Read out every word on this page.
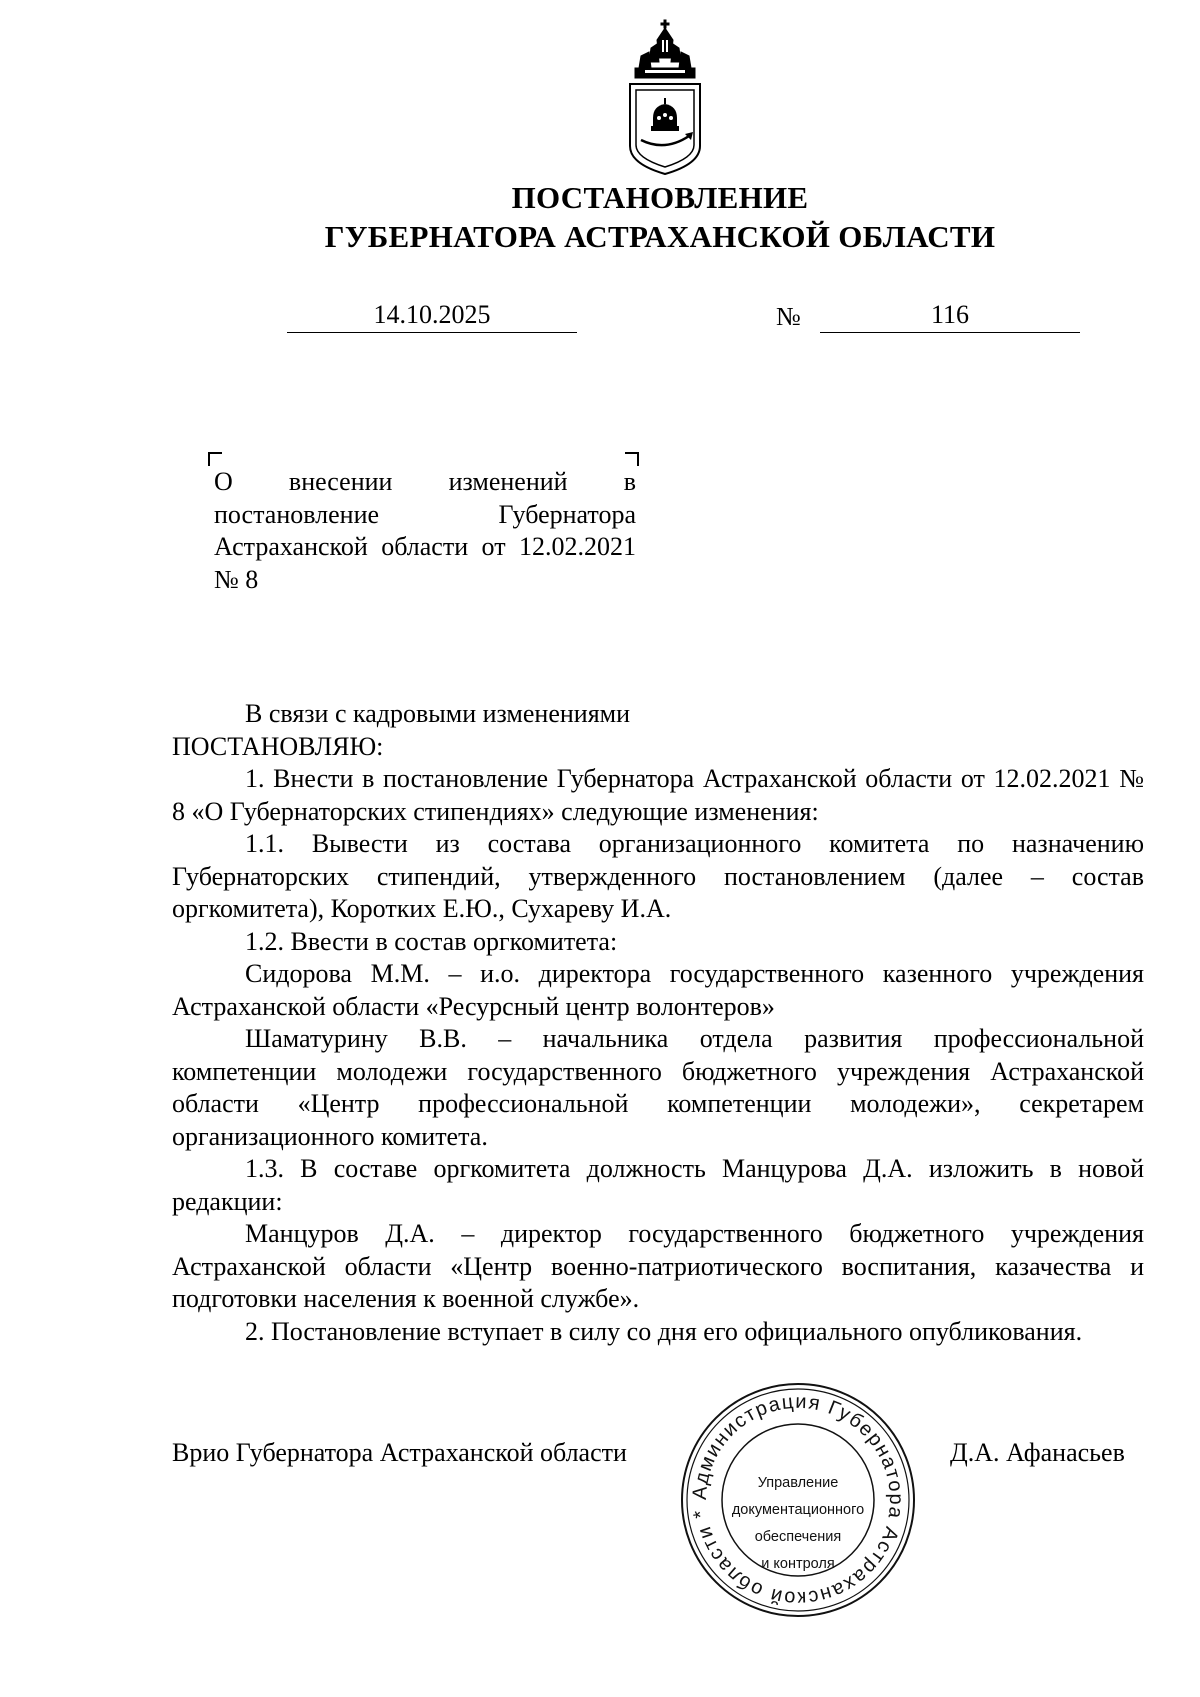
ПОСТАНОВЛЕНИЕ
ГУБЕРНАТОРА АСТРАХАНСКОЙ ОБЛАСТИ
14.10.2025	№	116
О внесении изменений в постановление Губернатора Астраханской области от 12.02.2021 № 8

В связи с кадровыми изменениями

ПОСТАНОВЛЯЮ:

1. Внести в постановление Губернатора Астраханской области от 12.02.2021 № 8 «О Губернаторских стипендиях» следующие изменения:

1.1. Вывести из состава организационного комитета по назначению Губернаторских стипендий, утвержденного постановлением (далее – состав оргкомитета), Коротких Е.Ю., Сухареву И.А.

1.2. Ввести в состав оргкомитета:

Сидорова М.М. – и.о. директора государственного казенного учреждения Астраханской области «Ресурсный центр волонтеров»

Шаматурину В.В. – начальника отдела развития профессиональной компетенции молодежи государственного бюджетного учреждения Астраханской области «Центр профессиональной компетенции молодежи», секретарем организационного комитета.

1.3. В составе оргкомитета должность Манцурова Д.А. изложить в новой редакции:

Манцуров Д.А. – директор государственного бюджетного учреждения Астраханской области «Центр военно-патриотического воспитания, казачества и подготовки населения к военной службе».

2. Постановление вступает в силу со дня его официального опубликования.

Администрация Губернатора Астраханской области *
Управление
документационного
обеспечения
и контроля
Врио Губернатора Астраханской области	Д.А. Афанасьев
